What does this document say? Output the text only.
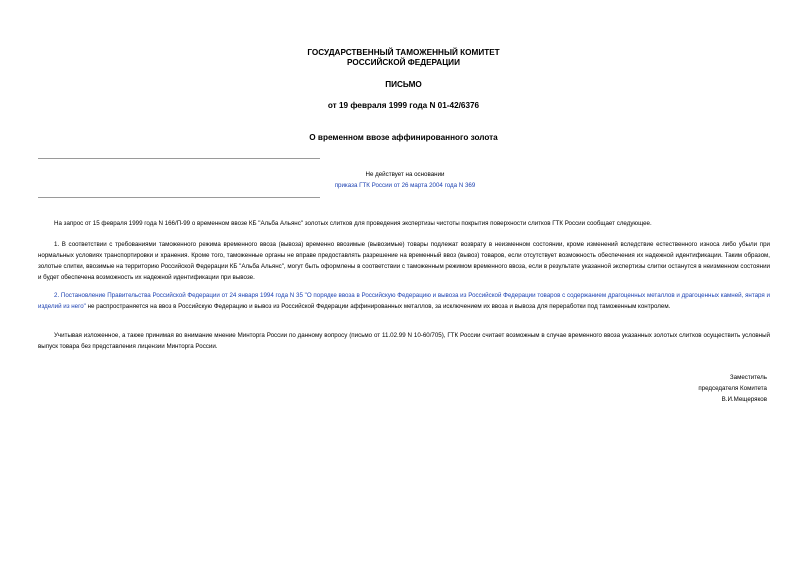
ГОСУДАРСТВЕННЫЙ ТАМОЖЕННЫЙ КОМИТЕТ
РОССИЙСКОЙ ФЕДЕРАЦИИ
ПИСЬМО
от 19 февраля 1999 года N 01-42/6376
О временном ввозе аффинированного золота
Не действует на основании
приказа ГТК России от 26 марта 2004 года N 369

На запрос от 15 февраля 1999 года N 166/П-99 о временном ввозе КБ "Альба Альянс" золотых слитков для проведения экспертизы чистоты покрытия поверхности слитков ГТК России сообщает следующее.

1. В соответствии с требованиями таможенного режима временного ввоза (вывоза) временно ввозимые (вывозимые) товары подлежат возврату в неизменном состоянии, кроме изменений вследствие естественного износа либо убыли при нормальных условиях транспортировки и хранения. Кроме того, таможенные органы не вправе предоставлять разрешение на временный ввоз (вывоз) товаров, если отсутствует возможность обеспечения их надежной идентификации. Таким образом, золотые слитки, ввозимые на территорию Российской Федерации КБ "Альба Альянс", могут быть оформлены в соответствии с таможенным режимом временного ввоза, если в результате указанной экспертизы слитки останутся в неизменном состоянии и будет обеспечена возможность их надежной идентификации при вывозе.

2. Постановление Правительства Российской Федерации от 24 января 1994 года N 35 "О порядке ввоза в Российскую Федерацию и вывоза из Российской Федерации товаров с содержанием драгоценных металлов и драгоценных камней, янтаря и изделий из него" не распространяется на ввоз в Российскую Федерацию и вывоз из Российской Федерации аффинированных металлов, за исключением их ввоза и вывоза для переработки под таможенным контролем.

Учитывая изложенное, а также принимая во внимание мнение Минторга России по данному вопросу (письмо от 11.02.99 N 10-60/705), ГТК России считает возможным в случае временного ввоза указанных золотых слитков осуществить условный выпуск товара без представления лицензии Минторга России.

Заместитель
председателя Комитета
В.И.Мещеряков
